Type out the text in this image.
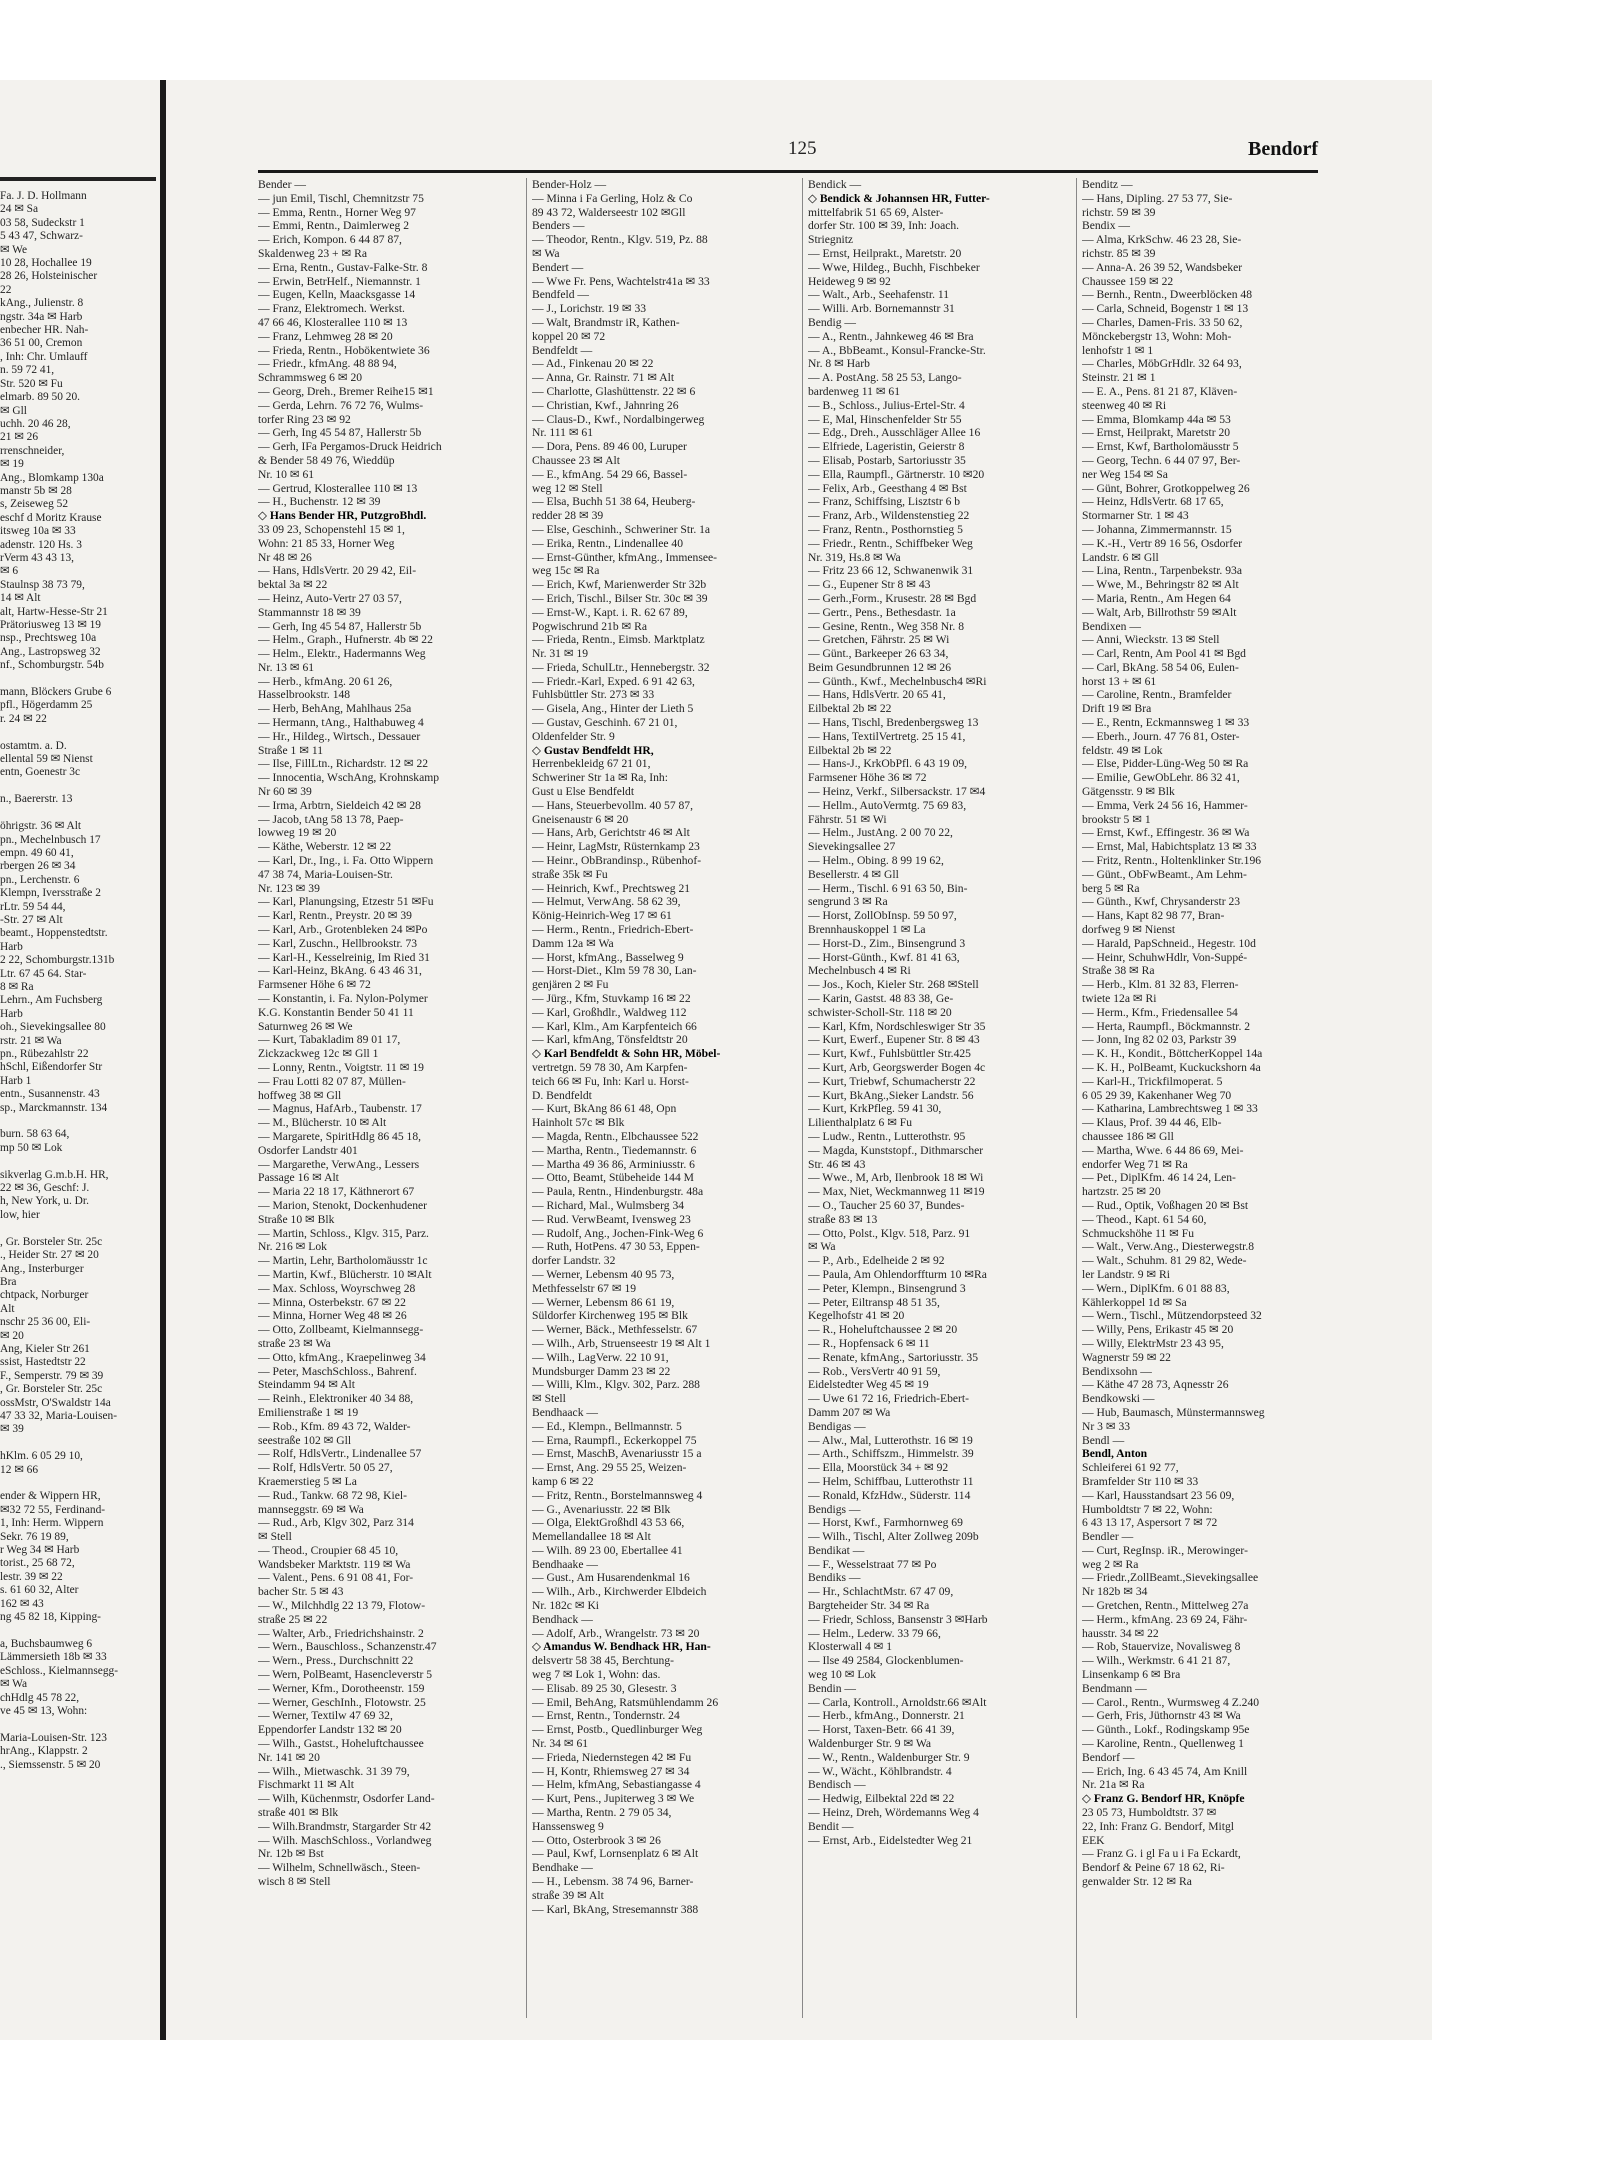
Fa. J. D. Hollmann
24 ✉ Sa
03 58, Sudeckstr 1
5 43 47, Schwarz-
✉ We
10 28, Hochallee 19
28 26, Holsteinischer
22
kAng., Julienstr. 8
ngstr. 34a ✉ Harb
enbecher HR. Nah-
36 51 00, Cremon
, Inh: Chr. Umlauff
n. 59 72 41,
Str. 520 ✉ Fu
elmarb. 89 50 20.
✉ Gll
uchh. 20 46 28,
21 ✉ 26
rrenschneider,
✉ 19
Ang., Blomkamp 130a
manstr 5b ✉ 28
s, Zeiseweg 52
eschf d Moritz Krause
itsweg 10a ✉ 33
adenstr. 120 Hs. 3
rVerm 43 43 13,
✉ 6
Staulnsp 38 73 79,
14 ✉ Alt
alt, Hartw-Hesse-Str 21
Prätoriusweg 13 ✉ 19
nsp., Prechtsweg 10a
Ang., Lastropsweg 32
nf., Schomburgstr. 54b

mann, Blöckers Grube 6
pfl., Högerdamm 25
r. 24 ✉ 22

ostamtm. a. D.
ellental 59 ✉ Nienst
entn, Goenestr 3c

n., Baererstr. 13

öhrigstr. 36 ✉ Alt
pn., Mechelnbusch 17
empn. 49 60 41,
rbergen 26 ✉ 34
pn., Lerchenstr. 6
Klempn, Iversstraße 2
rLtr. 59 54 44,
-Str. 27 ✉ Alt
beamt., Hoppenstedtstr.
Harb
2 22, Schomburgstr.131b
Ltr. 67 45 64. Star-
8 ✉ Ra
Lehrn., Am Fuchsberg
Harb
oh., Sievekingsallee 80
rstr. 21 ✉ Wa
pn., Rübezahlstr 22
hSchl, Eißendorfer Str
Harb 1
entn., Susannenstr. 43
sp., Marckmannstr. 134

burn. 58 63 64,
mp 50 ✉ Lok

sikverlag G.m.b.H. HR,
22 ✉ 36, Geschf: J.
h, New York, u. Dr.
low, hier

, Gr. Borsteler Str. 25c
., Heider Str. 27 ✉ 20
Ang., Insterburger
Bra
chtpack, Norburger
Alt
nschr 25 36 00, Eli-
✉ 20
Ang, Kieler Str 261
ssist, Hastedtstr 22
F., Semperstr. 79 ✉ 39
, Gr. Borsteler Str. 25c
ossMstr, O'Swaldstr 14a
47 33 32, Maria-Louisen-
✉ 39

hKlm. 6 05 29 10,
12 ✉ 66

ender & Wippern HR,
✉32 72 55, Ferdinand-
1, Inh: Herm. Wippern
Sekr. 76 19 89,
r Weg 34 ✉ Harb
torist., 25 68 72,
lestr. 39 ✉ 22
s. 61 60 32, Alter
162 ✉ 43
ng 45 82 18, Kipping-

a, Buchsbaumweg 6
Lämmersieth 18b ✉ 33
eSchloss., Kielmannsegg-
✉ Wa
chHdlg 45 78 22,
ve 45 ✉ 13, Wohn:

Maria-Louisen-Str. 123
hrAng., Klappstr. 2
., Siemssenstr. 5 ✉ 20
125	Bendorf
Bender —
— jun Emil, Tischl, Chemnitzstr 75
— Emma, Rentn., Horner Weg 97
— Emmi, Rentn., Daimlerweg 2
— Erich, Kompon. 6 44 87 87,
Skaldenweg 23 + ✉ Ra
— Erna, Rentn., Gustav-Falke-Str. 8
— Erwin, BetrHelf., Niemannstr. 1
— Eugen, Kelln, Maacksgasse 14
— Franz, Elektromech. Werkst.
47 66 46, Klosterallee 110 ✉ 13
— Franz, Lehmweg 28 ✉ 20
— Frieda, Rentn., Hobökentwiete 36
— Friedr., kfmAng. 48 88 94,
Schrammsweg 6 ✉ 20
— Georg, Dreh., Bremer Reihe15 ✉1
— Gerda, Lehrn. 76 72 76, Wulms-
torfer Ring 23 ✉ 92
— Gerh, Ing 45 54 87, Hallerstr 5b
— Gerh, IFa Pergamos-Druck Heidrich
& Bender 58 49 76, Wieddüp
Nr. 10 ✉ 61
— Gertrud, Klosterallee 110 ✉ 13
— H., Buchenstr. 12 ✉ 39
◇ Hans Bender HR, PutzgroBhdl.
33 09 23, Schopenstehl 15 ✉ 1,
Wohn: 21 85 33, Horner Weg
Nr 48 ✉ 26
— Hans, HdlsVertr. 20 29 42, Eil-
bektal 3a ✉ 22
— Heinz, Auto-Vertr 27 03 57,
Stammannstr 18 ✉ 39
— Gerh, Ing 45 54 87, Hallerstr 5b
— Helm., Graph., Hufnerstr. 4b ✉ 22
— Helm., Elektr., Hadermanns Weg
Nr. 13 ✉ 61
— Herb., kfmAng. 20 61 26,
Hasselbrookstr. 148
— Herb, BehAng, Mahlhaus 25a
— Hermann, tAng., Halthabuweg 4
— Hr., Hildeg., Wirtsch., Dessauer
Straße 1 ✉ 11
— Ilse, FillLtn., Richardstr. 12 ✉ 22
— Innocentia, WschAng, Krohnskamp
Nr 60 ✉ 39
— Irma, Arbtrn, Sieldeich 42 ✉ 28
— Jacob, tAng 58 13 78, Paep-
lowweg 19 ✉ 20
— Käthe, Weberstr. 12 ✉ 22
— Karl, Dr., Ing., i. Fa. Otto Wippern
47 38 74, Maria-Louisen-Str.
Nr. 123 ✉ 39
— Karl, Planungsing, Etzestr 51 ✉Fu
— Karl, Rentn., Preystr. 20 ✉ 39
— Karl, Arb., Grotenbleken 24 ✉Po
— Karl, Zuschn., Hellbrookstr. 73
— Karl-H., Kesselreinig, Im Ried 31
— Karl-Heinz, BkAng. 6 43 46 31,
Farmsener Höhe 6 ✉ 72
— Konstantin, i. Fa. Nylon-Polymer
K.G. Konstantin Bender 50 41 11
Saturnweg 26 ✉ We
— Kurt, Tabakladim 89 01 17,
Zickzackweg 12c ✉ Gll 1
— Lonny, Rentn., Voigtstr. 11 ✉ 19
— Frau Lotti 82 07 87, Müllen-
hoffweg 38 ✉ Gll
— Magnus, HafArb., Taubenstr. 17
— M., Blücherstr. 10 ✉ Alt
— Margarete, SpiritHdlg 86 45 18,
Osdorfer Landstr 401
— Margarethe, VerwAng., Lessers
Passage 16 ✉ Alt
— Maria 22 18 17, Käthnerort 67
— Marion, Stenokt, Dockenhudener
Straße 10 ✉ Blk
— Martin, Schloss., Klgv. 315, Parz.
Nr. 216 ✉ Lok
— Martin, Lehr, Bartholomäusstr 1c
— Martin, Kwf., Blücherstr. 10 ✉Alt
— Max. Schloss, Woyrschweg 28
— Minna, Osterbekstr. 67 ✉ 22
— Minna, Horner Weg 48 ✉ 26
— Otto, Zollbeamt, Kielmannsegg-
straße 23 ✉ Wa
— Otto, kfmAng., Kraepelinweg 34
— Peter, MaschSchloss., Bahrenf.
Steindamm 94 ✉ Alt
— Reinh., Elektroniker 40 34 88,
Emilienstraße 1 ✉ 19
— Rob., Kfm. 89 43 72, Walder-
seestraße 102 ✉ Gll
— Rolf, HdlsVertr., Lindenallee 57
— Rolf, HdlsVertr. 50 05 27,
Kraemerstieg 5 ✉ La
— Rud., Tankw. 68 72 98, Kiel-
mannseggstr. 69 ✉ Wa
— Rud., Arb, Klgv 302, Parz 314
✉ Stell
— Theod., Croupier 68 45 10,
Wandsbeker Marktstr. 119 ✉ Wa
— Valent., Pens. 6 91 08 41, For-
bacher Str. 5 ✉ 43
— W., Milchhdlg 22 13 79, Flotow-
straße 25 ✉ 22
— Walter, Arb., Friedrichshainstr. 2
— Wern., Bauschloss., Schanzenstr.47
— Wern., Press., Durchschnitt 22
— Wern, PolBeamt, Hasencleverstr 5
— Werner, Kfm., Dorotheenstr. 159
— Werner, GeschInh., Flotowstr. 25
— Werner, Textilw 47 69 32,
Eppendorfer Landstr 132 ✉ 20
— Wilh., Gastst., Hoheluftchaussee
Nr. 141 ✉ 20
— Wilh., Mietwaschk. 31 39 79,
Fischmarkt 11 ✉ Alt
— Wilh, Küchenmstr, Osdorfer Land-
straße 401 ✉ Blk
— Wilh.Brandmstr, Stargarder Str 42
— Wilh. MaschSchloss., Vorlandweg
Nr. 12b ✉ Bst
— Wilhelm, Schnellwäsch., Steen-
wisch 8 ✉ Stell
Bender-Holz —
— Minna i Fa Gerling, Holz & Co
89 43 72, Walderseestr 102 ✉Gll
Benders —
— Theodor, Rentn., Klgv. 519, Pz. 88
✉ Wa
Bendert —
— Wwe Fr. Pens, Wachtelstr41a ✉ 33
Bendfeld —
— J., Lorichstr. 19 ✉ 33
— Walt, Brandmstr iR, Kathen-
koppel 20 ✉ 72
Bendfeldt —
— Ad., Finkenau 20 ✉ 22
— Anna, Gr. Rainstr. 71 ✉ Alt
— Charlotte, Glashüttenstr. 22 ✉ 6
— Christian, Kwf., Jahnring 26
— Claus-D., Kwf., Nordalbingerweg
Nr. 111 ✉ 61
— Dora, Pens. 89 46 00, Luruper
Chaussee 23 ✉ Alt
— E., kfmAng. 54 29 66, Bassel-
weg 12 ✉ Stell
— Elsa, Buchh 51 38 64, Heuberg-
redder 28 ✉ 39
— Else, Geschinh., Schweriner Str. 1a
— Erika, Rentn., Lindenallee 40
— Ernst-Günther, kfmAng., Immensee-
weg 15c ✉ Ra
— Erich, Kwf, Marienwerder Str 32b
— Erich, Tischl., Bilser Str. 30c ✉ 39
— Ernst-W., Kapt. i. R. 62 67 89,
Pogwischrund 21b ✉ Ra
— Frieda, Rentn., Eimsb. Marktplatz
Nr. 31 ✉ 19
— Frieda, SchulLtr., Hennebergstr. 32
— Friedr.-Karl, Exped. 6 91 42 63,
Fuhlsbüttler Str. 273 ✉ 33
— Gisela, Ang., Hinter der Lieth 5
— Gustav, Geschinh. 67 21 01,
Oldenfelder Str. 9
◇ Gustav Bendfeldt HR,
Herrenbekleidg 67 21 01,
Schweriner Str 1a ✉ Ra, Inh:
Gust u Else Bendfeldt
— Hans, Steuerbevollm. 40 57 87,
Gneisenaustr 6 ✉ 20
— Hans, Arb, Gerichtstr 46 ✉ Alt
— Heinr, LagMstr, Rüsternkamp 23
— Heinr., ObBrandinsp., Rübenhof-
straße 35k ✉ Fu
— Heinrich, Kwf., Prechtsweg 21
— Helmut, VerwAng. 58 62 39,
König-Heinrich-Weg 17 ✉ 61
— Herm., Rentn., Friedrich-Ebert-
Damm 12a ✉ Wa
— Horst, kfmAng., Basselweg 9
— Horst-Diet., Klm 59 78 30, Lan-
genjären 2 ✉ Fu
— Jürg., Kfm, Stuvkamp 16 ✉ 22
— Karl, Großhdlr., Waldweg 112
— Karl, Klm., Am Karpfenteich 66
— Karl, kfmAng, Tönsfeldtstr 20
◇ Karl Bendfeldt & Sohn HR, Möbel-
vertretgn. 59 78 30, Am Karpfen-
teich 66 ✉ Fu, Inh: Karl u. Horst-
D. Bendfeldt
— Kurt, BkAng 86 61 48, Opn
Hainholt 57c ✉ Blk
— Magda, Rentn., Elbchaussee 522
— Martha, Rentn., Tiedemannstr. 6
— Martha 49 36 86, Arminiusstr. 6
— Otto, Beamt, Stübeheide 144 M
— Paula, Rentn., Hindenburgstr. 48a
— Richard, Mal., Wulmsberg 34
— Rud. VerwBeamt, Ivensweg 23
— Rudolf, Ang., Jochen-Fink-Weg 6
— Ruth, HotPens. 47 30 53, Eppen-
dorfer Landstr. 32
— Werner, Lebensm 40 95 73,
Methfesselstr 67 ✉ 19
— Werner, Lebensm 86 61 19,
Süldorfer Kirchenweg 195 ✉ Blk
— Werner, Bäck., Methfesselstr. 67
— Wilh., Arb, Struenseestr 19 ✉ Alt 1
— Wilh., LagVerw. 22 10 91,
Mundsburger Damm 23 ✉ 22
— Willi, Klm., Klgv. 302, Parz. 288
✉ Stell
Bendhaack —
— Ed., Klempn., Bellmannstr. 5
— Erna, Raumpfl., Eckerkoppel 75
— Ernst, MaschB, Avenariusstr 15 a
— Ernst, Ang. 29 55 25, Weizen-
kamp 6 ✉ 22
— Fritz, Rentn., Borstelmannsweg 4
— G., Avenariusstr. 22 ✉ Blk
— Olga, ElektGroßhdl 43 53 66,
Memellandallee 18 ✉ Alt
— Wilh. 89 23 00, Ebertallee 41
Bendhaake —
— Gust., Am Husarendenkmal 16
— Wilh., Arb., Kirchwerder Elbdeich
Nr. 182c ✉ Ki
Bendhack —
— Adolf, Arb., Wrangelstr. 73 ✉ 20
◇ Amandus W. Bendhack HR, Han-
delsvertr 58 38 45, Berchtung-
weg 7 ✉ Lok 1, Wohn: das.
— Elisab. 89 25 30, Glesestr. 3
— Emil, BehAng, Ratsmühlendamm 26
— Ernst, Rentn., Tondernstr. 24
— Ernst, Postb., Quedlinburger Weg
Nr. 34 ✉ 61
— Frieda, Niedernstegen 42 ✉ Fu
— H, Kontr, Rhiemsweg 27 ✉ 34
— Helm, kfmAng, Sebastiangasse 4
— Kurt, Pens., Jupiterweg 3 ✉ We
— Martha, Rentn. 2 79 05 34,
Hanssensweg 9
— Otto, Osterbrook 3 ✉ 26
— Paul, Kwf, Lornsenplatz 6 ✉ Alt
Bendhake —
— H., Lebensm. 38 74 96, Barner-
straße 39 ✉ Alt
— Karl, BkAng, Stresemannstr 388
Bendick —
◇ Bendick & Johannsen HR, Futter-
mittelfabrik 51 65 69, Alster-
dorfer Str. 100 ✉ 39, Inh: Joach.
Striegnitz
— Ernst, Heilprakt., Maretstr. 20
— Wwe, Hildeg., Buchh, Fischbeker
Heideweg 9 ✉ 92
— Walt., Arb., Seehafenstr. 11
— Willi. Arb. Bornemannstr 31
Bendig —
— A., Rentn., Jahnkeweg 46 ✉ Bra
— A., BbBeamt., Konsul-Francke-Str.
Nr. 8 ✉ Harb
— A. PostAng. 58 25 53, Lango-
bardenweg 11 ✉ 61
— B., Schloss., Julius-Ertel-Str. 4
— E, Mal, Hinschenfelder Str 55
— Edg., Dreh., Ausschläger Allee 16
— Elfriede, Lageristin, Geierstr 8
— Elisab, Postarb, Sartoriusstr 35
— Ella, Raumpfl., Gärtnerstr. 10 ✉20
— Felix, Arb., Geesthang 4 ✉ Bst
— Franz, Schiffsing, Lisztstr 6 b
— Franz, Arb., Wildenstenstieg 22
— Franz, Rentn., Posthornstieg 5
— Friedr., Rentn., Schiffbeker Weg
Nr. 319, Hs.8 ✉ Wa
— Fritz 23 66 12, Schwanenwik 31
— G., Eupener Str 8 ✉ 43
— Gerh.,Form., Krusestr. 28 ✉ Bgd
— Gertr., Pens., Bethesdastr. 1a
— Gesine, Rentn., Weg 358 Nr. 8
— Gretchen, Fährstr. 25 ✉ Wi
— Günt., Barkeeper 26 63 34,
Beim Gesundbrunnen 12 ✉ 26
— Günth., Kwf., Mechelnbusch4 ✉Ri
— Hans, HdlsVertr. 20 65 41,
Eilbektal 2b ✉ 22
— Hans, Tischl, Bredenbergsweg 13
— Hans, TextilVertretg. 25 15 41,
Eilbektal 2b ✉ 22
— Hans-J., KrkObPfl. 6 43 19 09,
Farmsener Höhe 36 ✉ 72
— Heinz, Verkf., Silbersackstr. 17 ✉4
— Hellm., AutoVermtg. 75 69 83,
Fährstr. 51 ✉ Wi
— Helm., JustAng. 2 00 70 22,
Sievekingsallee 27
— Helm., Obing. 8 99 19 62,
Besellerstr. 4 ✉ Gll
— Herm., Tischl. 6 91 63 50, Bin-
sengrund 3 ✉ Ra
— Horst, ZollObInsp. 59 50 97,
Brennhauskoppel 1 ✉ La
— Horst-D., Zim., Binsengrund 3
— Horst-Günth., Kwf. 81 41 63,
Mechelnbusch 4 ✉ Ri
— Jos., Koch, Kieler Str. 268 ✉Stell
— Karin, Gastst. 48 83 38, Ge-
schwister-Scholl-Str. 118 ✉ 20
— Karl, Kfm, Nordschleswiger Str 35
— Kurt, Ewerf., Eupener Str. 8 ✉ 43
— Kurt, Kwf., Fuhlsbüttler Str.425
— Kurt, Arb, Georgswerder Bogen 4c
— Kurt, Triebwf, Schumacherstr 22
— Kurt, BkAng.,Sieker Landstr. 56
— Kurt, KrkPfleg. 59 41 30,
Lilienthalplatz 6 ✉ Fu
— Ludw., Rentn., Lutterothstr. 95
— Magda, Kunststopf., Dithmarscher
Str. 46 ✉ 43
— Wwe., M, Arb, Ilenbrook 18 ✉ Wi
— Max, Niet, Weckmannweg 11 ✉19
— O., Taucher 25 60 37, Bundes-
straße 83 ✉ 13
— Otto, Polst., Klgv. 518, Parz. 91
✉ Wa
— P., Arb., Edelheide 2 ✉ 92
— Paula, Am Ohlendorffturm 10 ✉Ra
— Peter, Klempn., Binsengrund 3
— Peter, Eiltransp 48 51 35,
Kegelhofstr 41 ✉ 20
— R., Hoheluftchaussee 2 ✉ 20
— R., Hopfensack 6 ✉ 11
— Renate, kfmAng., Sartoriusstr. 35
— Rob., VersVertr 40 91 59,
Eidelstedter Weg 45 ✉ 19
— Uwe 61 72 16, Friedrich-Ebert-
Damm 207 ✉ Wa
Bendigas —
— Alw., Mal, Lutterothstr. 16 ✉ 19
— Arth., Schiffszm., Himmelstr. 39
— Ella, Moorstück 34 + ✉ 92
— Helm, Schiffbau, Lutterothstr 11
— Ronald, KfzHdw., Süderstr. 114
Bendigs —
— Horst, Kwf., Farmhornweg 69
— Wilh., Tischl, Alter Zollweg 209b
Bendikat —
— F., Wesselstraat 77 ✉ Po
Bendiks —
— Hr., SchlachtMstr. 67 47 09,
Bargteheider Str. 34 ✉ Ra
— Friedr, Schloss, Bansenstr 3 ✉Harb
— Helm., Lederw. 33 79 66,
Klosterwall 4 ✉ 1
— Ilse 49 2584, Glockenblumen-
weg 10 ✉ Lok
Bendin —
— Carla, Kontroll., Arnoldstr.66 ✉Alt
— Herb., kfmAng., Donnerstr. 21
— Horst, Taxen-Betr. 66 41 39,
Waldenburger Str. 9 ✉ Wa
— W., Rentn., Waldenburger Str. 9
— W., Wächt., Köhlbrandstr. 4
Bendisch —
— Hedwig, Eilbektal 22d ✉ 22
— Heinz, Dreh, Wördemanns Weg 4
Bendit —
— Ernst, Arb., Eidelstedter Weg 21
Benditz —
— Hans, Dipling. 27 53 77, Sie-
richstr. 59 ✉ 39
Bendix —
— Alma, KrkSchw. 46 23 28, Sie-
richstr. 85 ✉ 39
— Anna-A. 26 39 52, Wandsbeker
Chaussee 159 ✉ 22
— Bernh., Rentn., Dweerblöcken 48
— Carla, Schneid, Bogenstr 1 ✉ 13
— Charles, Damen-Fris. 33 50 62,
Mönckebergstr 13, Wohn: Moh-
lenhofstr 1 ✉ 1
— Charles, MöbGrHdlr. 32 64 93,
Steinstr. 21 ✉ 1
— E. A., Pens. 81 21 87, Kläven-
steenweg 40 ✉ Ri
— Emma, Blomkamp 44a ✉ 53
— Ernst, Heilprakt, Maretstr 20
— Ernst, Kwf, Bartholomäusstr 5
— Georg, Techn. 6 44 07 97, Ber-
ner Weg 154 ✉ Sa
— Günt, Bohrer, Grotkoppelweg 26
— Heinz, HdlsVertr. 68 17 65,
Stormarner Str. 1 ✉ 43
— Johanna, Zimmermannstr. 15
— K.-H., Vertr 89 16 56, Osdorfer
Landstr. 6 ✉ Gll
— Lina, Rentn., Tarpenbekstr. 93a
— Wwe, M., Behringstr 82 ✉ Alt
— Maria, Rentn., Am Hegen 64
— Walt, Arb, Billrothstr 59 ✉Alt
Bendixen —
— Anni, Wieckstr. 13 ✉ Stell
— Carl, Rentn, Am Pool 41 ✉ Bgd
— Carl, BkAng. 58 54 06, Eulen-
horst 13 + ✉ 61
— Caroline, Rentn., Bramfelder
Drift 19 ✉ Bra
— E., Rentn, Eckmannsweg 1 ✉ 33
— Eberh., Journ. 47 76 81, Oster-
feldstr. 49 ✉ Lok
— Else, Pidder-Lüng-Weg 50 ✉ Ra
— Emilie, GewObLehr. 86 32 41,
Gätgensstr. 9 ✉ Blk
— Emma, Verk 24 56 16, Hammer-
brookstr 5 ✉ 1
— Ernst, Kwf., Effingestr. 36 ✉ Wa
— Ernst, Mal, Habichtsplatz 13 ✉ 33
— Fritz, Rentn., Holtenklinker Str.196
— Günt., ObFwBeamt., Am Lehm-
berg 5 ✉ Ra
— Günth., Kwf, Chrysanderstr 23
— Hans, Kapt 82 98 77, Bran-
dorfweg 9 ✉ Nienst
— Harald, PapSchneid., Hegestr. 10d
— Heinr, SchuhwHdlr, Von-Suppé-
Straße 38 ✉ Ra
— Herb., Klm. 81 32 83, Flerren-
twiete 12a ✉ Ri
— Herm., Kfm., Friedensallee 54
— Herta, Raumpfl., Böckmannstr. 2
— Jonn, Ing 82 02 03, Parkstr 39
— K. H., Kondit., BöttcherKoppel 14a
— K. H., PolBeamt, Kuckuckshorn 4a
— Karl-H., Trickfilmoperat. 5
6 05 29 39, Kakenhaner Weg 70
— Katharina, Lambrechtsweg 1 ✉ 33
— Klaus, Prof. 39 44 46, Elb-
chaussee 186 ✉ Gll
— Martha, Wwe. 6 44 86 69, Mei-
endorfer Weg 71 ✉ Ra
— Pet., DiplKfm. 46 14 24, Len-
hartzstr. 25 ✉ 20
— Rud., Optik, Voßhagen 20 ✉ Bst
— Theod., Kapt. 61 54 60,
Schmuckshöhe 11 ✉ Fu
— Walt., Verw.Ang., Diesterwegstr.8
— Walt., Schuhm. 81 29 82, Wede-
ler Landstr. 9 ✉ Ri
— Wern., DiplKfm. 6 01 88 83,
Kählerkoppel 1d ✉ Sa
— Wern., Tischl., Mützendorpsteed 32
— Willy, Pens, Erikastr 45 ✉ 20
— Willy, ElektrMstr 23 43 95,
Wagnerstr 59 ✉ 22
Bendixsohn —
— Käthe 47 28 73, Aqnesstr 26
Bendkowski —
— Hub, Baumasch, Münstermannsweg
Nr 3 ✉ 33
Bendl —
Bendl, Anton
Schleiferei 61 92 77,
Bramfelder Str 110 ✉ 33
— Karl, Hausstandsart 23 56 09,
Humboldtstr 7 ✉ 22, Wohn:
6 43 13 17, Aspersort 7 ✉ 72
Bendler —
— Curt, RegInsp. iR., Merowinger-
weg 2 ✉ Ra
— Friedr.,ZollBeamt.,Sievekingsallee
Nr 182b ✉ 34
— Gretchen, Rentn., Mittelweg 27a
— Herm., kfmAng. 23 69 24, Fähr-
hausstr. 34 ✉ 22
— Rob, Stauervize, Novalisweg 8
— Wilh., Werkmstr. 6 41 21 87,
Linsenkamp 6 ✉ Bra
Bendmann —
— Carol., Rentn., Wurmsweg 4 Z.240
— Gerh, Fris, Jüthornstr 43 ✉ Wa
— Günth., Lokf., Rodingskamp 95e
— Karoline, Rentn., Quellenweg 1
Bendorf —
— Erich, Ing. 6 43 45 74, Am Knill
Nr. 21a ✉ Ra
◇ Franz G. Bendorf HR, Knöpfe
23 05 73, Humboldtstr. 37 ✉
22, Inh: Franz G. Bendorf, Mitgl
EEK
— Franz G. i gl Fa u i Fa Eckardt,
Bendorf & Peine 67 18 62, Ri-
genwalder Str. 12 ✉ Ra
